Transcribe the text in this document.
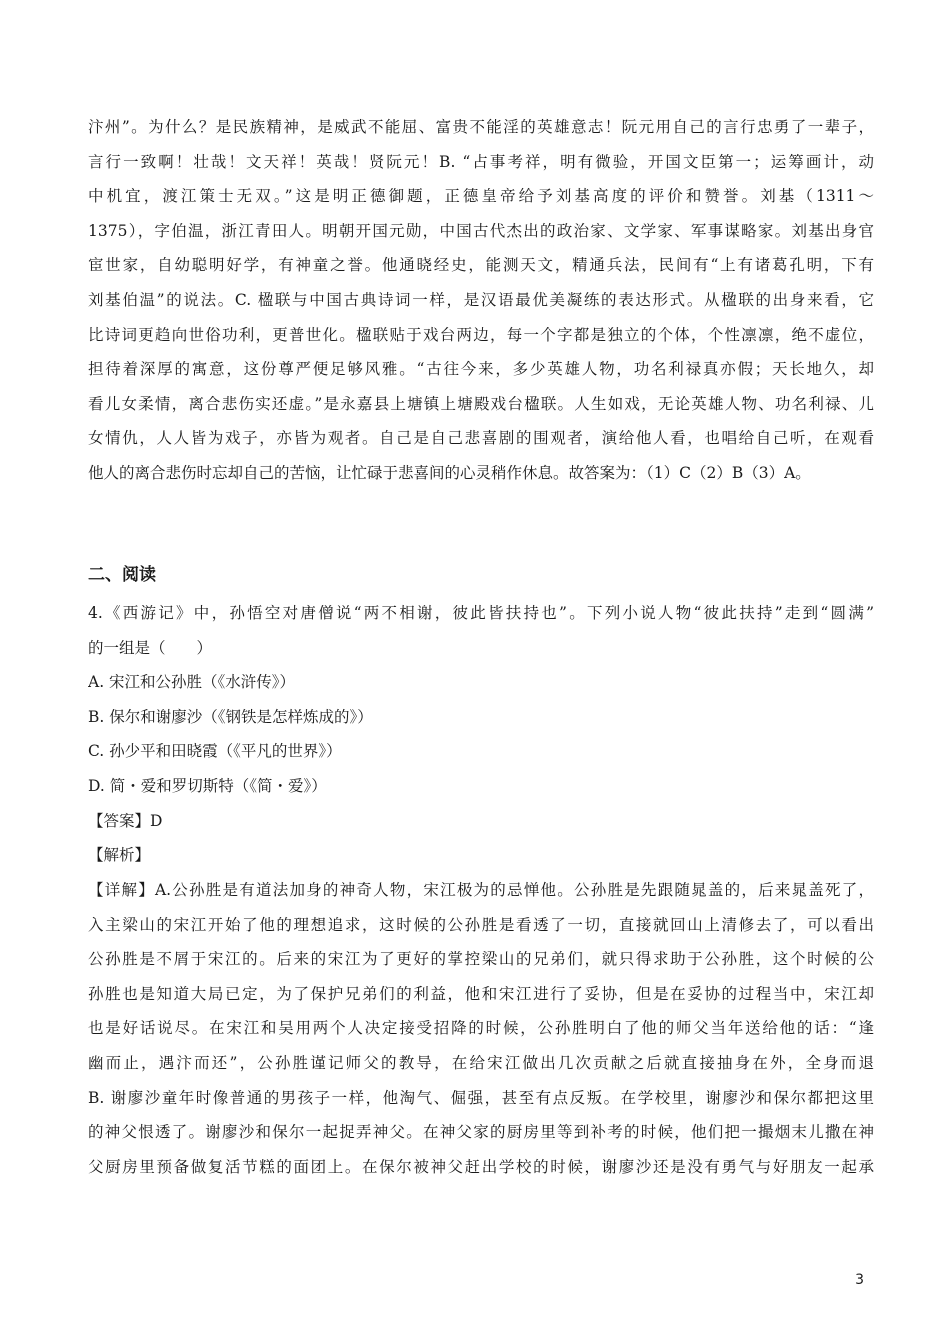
汴州”。为什么？是民族精神，是威武不能屈、富贵不能淫的英雄意志！阮元用自己的言行忠勇了一辈子，
言行一致啊！壮哉！文天祥！英哉！贤阮元！B. “占事考祥，明有微验，开国文臣第一；运筹画计，动
中机宜，渡江策士无双。”这是明正德御题，正德皇帝给予刘基高度的评价和赞誉。刘基（1311～
1375），字伯温，浙江青田人。明朝开国元勋，中国古代杰出的政治家、文学家、军事谋略家。刘基出身官
宦世家，自幼聪明好学，有神童之誉。他通晓经史，能测天文，精通兵法，民间有“上有诸葛孔明，下有
刘基伯温”的说法。C. 楹联与中国古典诗词一样，是汉语最优美凝练的表达形式。从楹联的出身来看，它
比诗词更趋向世俗功利，更普世化。楹联贴于戏台两边，每一个字都是独立的个体，个性凛凛，绝不虚位，
担待着深厚的寓意，这份尊严便足够风雅。“古往今来，多少英雄人物，功名利禄真亦假；天长地久，却
看儿女柔情，离合悲伤实还虚。”是永嘉县上塘镇上塘殿戏台楹联。人生如戏，无论英雄人物、功名利禄、儿
女情仇，人人皆为戏子，亦皆为观者。自己是自己悲喜剧的围观者，演给他人看，也唱给自己听，在观看
他人的离合悲伤时忘却自己的苦恼，让忙碌于悲喜间的心灵稍作休息。故答案为：（1）C（2）B（3）A。
二、阅读
4.《西游记》中，孙悟空对唐僧说“两不相谢，彼此皆扶持也”。下列小说人物“彼此扶持”走到“圆满”
的一组是（　　）
A. 宋江和公孙胜（《水浒传》）
B. 保尔和谢廖沙（《钢铁是怎样炼成的》）
C. 孙少平和田晓霞（《平凡的世界》）
D. 简・爱和罗切斯特（《简・爱》）
【答案】D
【解析】
【详解】A.公孙胜是有道法加身的神奇人物，宋江极为的忌惮他。公孙胜是先跟随晁盖的，后来晁盖死了，
入主梁山的宋江开始了他的理想追求，这时候的公孙胜是看透了一切，直接就回山上清修去了，可以看出
公孙胜是不屑于宋江的。后来的宋江为了更好的掌控梁山的兄弟们，就只得求助于公孙胜，这个时候的公
孙胜也是知道大局已定，为了保护兄弟们的利益，他和宋江进行了妥协，但是在妥协的过程当中，宋江却
也是好话说尽。在宋江和吴用两个人决定接受招降的时候，公孙胜明白了他的师父当年送给他的话：“逢
幽而止，遇汴而还”，公孙胜谨记师父的教导，在给宋江做出几次贡献之后就直接抽身在外，全身而退
B. 谢廖沙童年时像普通的男孩子一样，他淘气、倔强，甚至有点反叛。在学校里，谢廖沙和保尔都把这里
的神父恨透了。谢廖沙和保尔一起捉弄神父。在神父家的厨房里等到补考的时候，他们把一撮烟末儿撒在神
父厨房里预备做复活节糕的面团上。在保尔被神父赶出学校的时候，谢廖沙还是没有勇气与好朋友一起承
3
